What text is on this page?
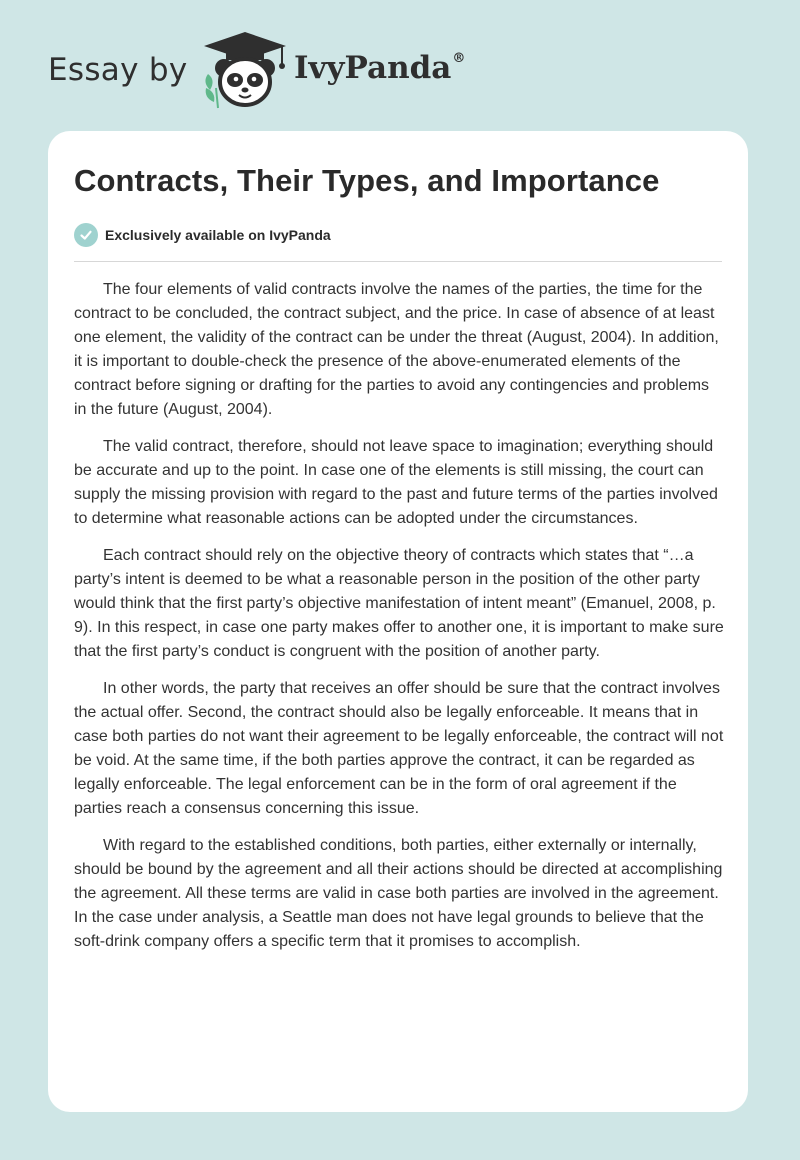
Essay by	IvyPanda®
Contracts, Their Types, and Importance
Exclusively available on IvyPanda

The four elements of valid contracts involve the names of the parties, the time for the contract to be concluded, the contract subject, and the price. In case of absence of at least one element, the validity of the contract can be under the threat (August, 2004). In addition, it is important to double-check the presence of the above-enumerated elements of the contract before signing or drafting for the parties to avoid any contingencies and problems in the future (August, 2004).

The valid contract, therefore, should not leave space to imagination; everything should be accurate and up to the point. In case one of the elements is still missing, the court can supply the missing provision with regard to the past and future terms of the parties involved to determine what reasonable actions can be adopted under the circumstances.

Each contract should rely on the objective theory of contracts which states that “…a party’s intent is deemed to be what a reasonable person in the position of the other party would think that the first party’s objective manifestation of intent meant” (Emanuel, 2008, p. 9). In this respect, in case one party makes offer to another one, it is important to make sure that the first party’s conduct is congruent with the position of another party.

In other words, the party that receives an offer should be sure that the contract involves the actual offer. Second, the contract should also be legally enforceable. It means that in case both parties do not want their agreement to be legally enforceable, the contract will not be void. At the same time, if the both parties approve the contract, it can be regarded as legally enforceable. The legal enforcement can be in the form of oral agreement if the parties reach a consensus concerning this issue.

With regard to the established conditions, both parties, either externally or internally, should be bound by the agreement and all their actions should be directed at accomplishing the agreement. All these terms are valid in case both parties are involved in the agreement. In the case under analysis, a Seattle man does not have legal grounds to believe that the soft-drink company offers a specific term that it promises to accomplish.
